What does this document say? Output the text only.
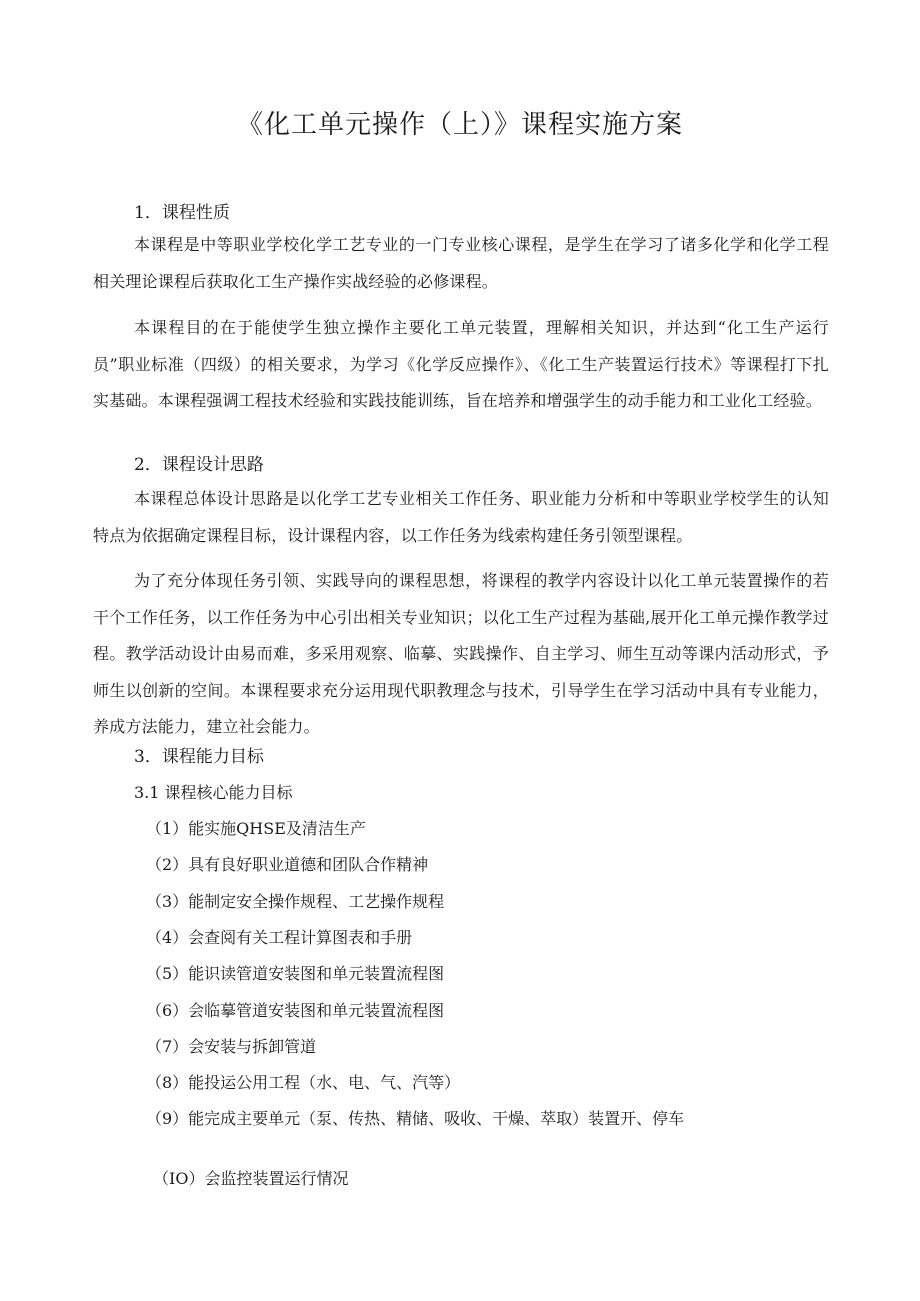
《化工单元操作（上）》课程实施方案
1．课程性质
本课程是中等职业学校化学工艺专业的一门专业核心课程，是学生在学习了诸多化学和化学工程相关理论课程后获取化工生产操作实战经验的必修课程。
本课程目的在于能使学生独立操作主要化工单元装置，理解相关知识，并达到“化工生产运行员”职业标准（四级）的相关要求，为学习《化学反应操作》、《化工生产装置运行技术》等课程打下扎实基础。本课程强调工程技术经验和实践技能训练，旨在培养和增强学生的动手能力和工业化工经验。
2．课程设计思路
本课程总体设计思路是以化学工艺专业相关工作任务、职业能力分析和中等职业学校学生的认知特点为依据确定课程目标，设计课程内容，以工作任务为线索构建任务引领型课程。
为了充分体现任务引领、实践导向的课程思想，将课程的教学内容设计以化工单元装置操作的若干个工作任务，以工作任务为中心引出相关专业知识；以化工生产过程为基础,展开化工单元操作教学过程。教学活动设计由易而难，多采用观察、临摹、实践操作、自主学习、师生互动等课内活动形式，予师生以创新的空间。本课程要求充分运用现代职教理念与技术，引导学生在学习活动中具有专业能力，养成方法能力，建立社会能力。
3．课程能力目标
3.1 课程核心能力目标
（1）能实施QHSE及清洁生产
（2）具有良好职业道德和团队合作精神
（3）能制定安全操作规程、工艺操作规程
（4）会查阅有关工程计算图表和手册
（5）能识读管道安装图和单元装置流程图
（6）会临摹管道安装图和单元装置流程图
（7）会安装与拆卸管道
（8）能投运公用工程（水、电、气、汽等）
（9）能完成主要单元（泵、传热、精储、吸收、干燥、萃取）装置开、停车
（IO）会监控装置运行情况
